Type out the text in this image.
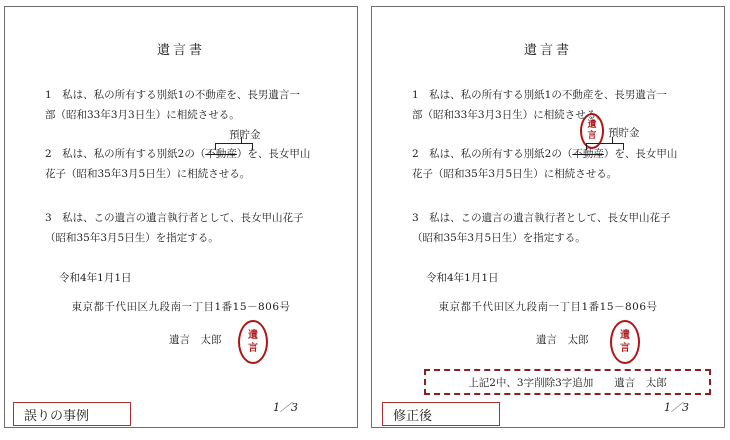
遺言書
1　私は、私の所有する別紙1の不動産を、長男遺言一
部（昭和33年3月3日生）に相続させる。
預貯金
2　私は、私の所有する別紙2の（不動産）を、長女甲山
花子（昭和35年3月5日生）に相続させる。
3　私は、この遺言の遺言執行者として、長女甲山花子
（昭和35年3月5日生）を指定する。
令和4年1月1日
東京都千代田区九段南一丁目1番15－806号
遺言　太郎	遺
言
1／3
誤りの事例
遺言書
1　私は、私の所有する別紙1の不動産を、長男遺言一
部（昭和33年3月3日生）に相続させる。
遺
言 預貯金
2　私は、私の所有する別紙2の（不動産）を、長女甲山
花子（昭和35年3月5日生）に相続させる。
3　私は、この遺言の遺言執行者として、長女甲山花子
（昭和35年3月5日生）を指定する。
令和4年1月1日
東京都千代田区九段南一丁目1番15－806号
遺言　太郎	遺
言
上記2中、3字削除3字追加　　遺言　太郎
1／3
修正後
